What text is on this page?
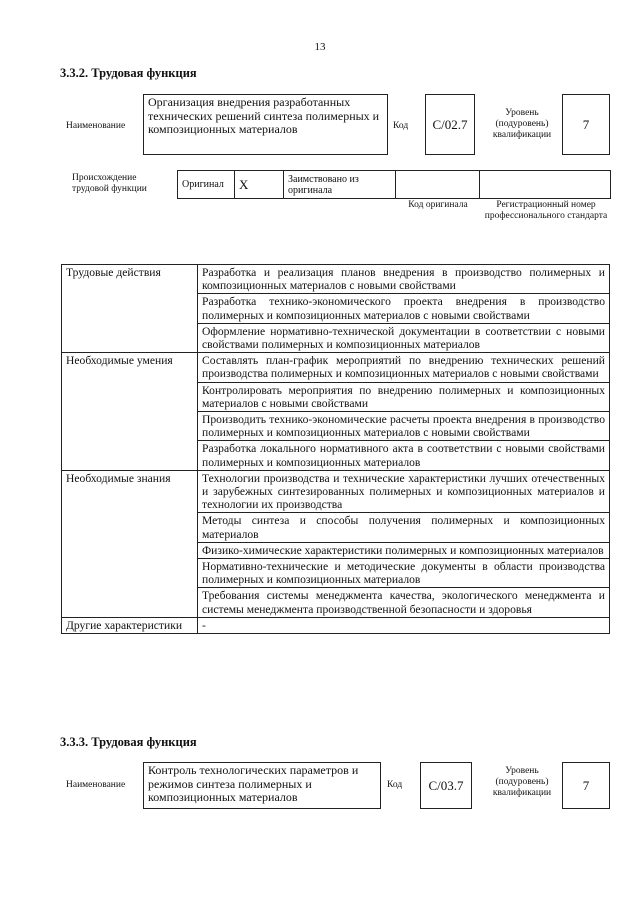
13
3.3.2. Трудовая функция
Наименование
Организация внедрения разработанных технических решений синтеза полимерных и композиционных материалов	Код	C/02.7
Уровень (подуровень) квалификации
7
Происхождение трудовой функции	Оригинал	X	Заимствовано из оригинала		
Код оригинала	Регистрационный номер профессионального стандарта
Трудовые действия	Разработка и реализация планов внедрения в производство полимерных и композиционных материалов с новыми свойствами
	Разработка технико-экономического проекта внедрения в производство полимерных и композиционных материалов с новыми свойствами
	Оформление нормативно-технической документации в соответствии с новыми свойствами полимерных и композиционных материалов
Необходимые умения	Составлять план-график мероприятий по внедрению технических решений производства полимерных и композиционных материалов с новыми свойствами
	Контролировать мероприятия по внедрению полимерных и композиционных материалов с новыми свойствами
	Производить технико-экономические расчеты проекта внедрения в производство полимерных и композиционных материалов с новыми свойствами
	Разработка локального нормативного акта в соответствии с новыми свойствами полимерных и композиционных материалов
Необходимые знания	Технологии производства и технические характеристики лучших отечественных и зарубежных синтезированных полимерных и композиционных материалов и технологии их производства
	Методы синтеза и способы получения полимерных и композиционных материалов
	Физико-химические характеристики полимерных и композиционных материалов
	Нормативно-технические и методические документы в области производства полимерных и композиционных материалов
	Требования системы менеджмента качества, экологического менеджмента и системы менеджмента производственной безопасности и здоровья
Другие характеристики	-
3.3.3. Трудовая функция
Наименование
Контроль технологических параметров и режимов синтеза полимерных и композиционных материалов
Код	C/03.7
Уровень (подуровень) квалификации
7
